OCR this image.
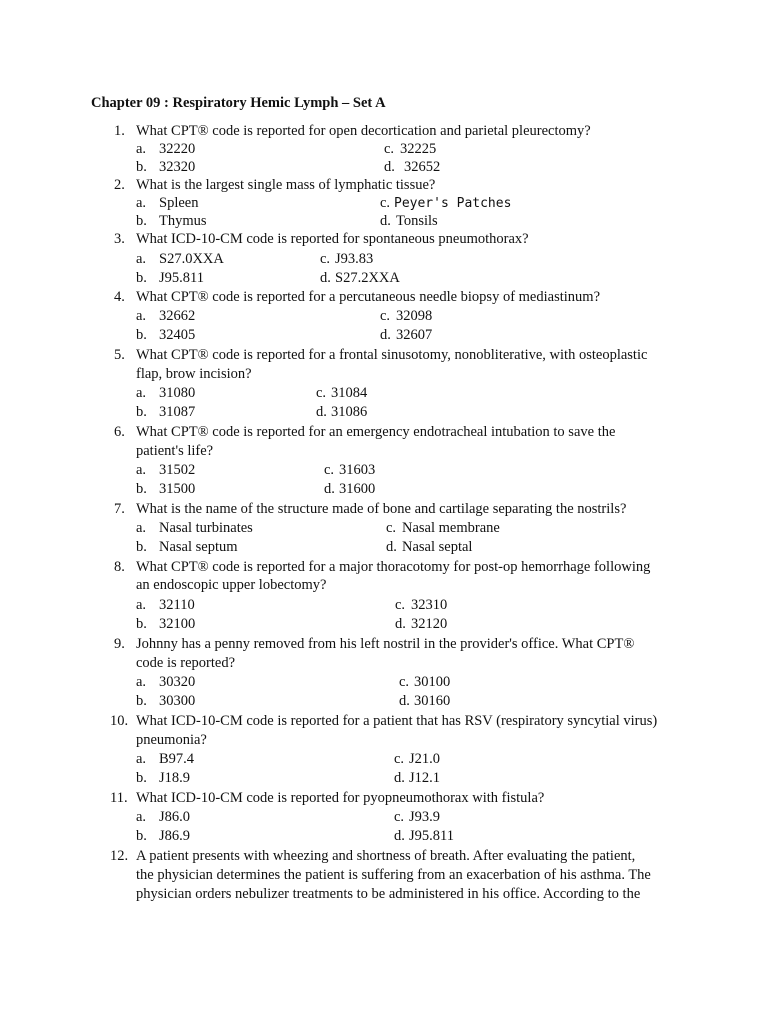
Chapter 09 : Respiratory Hemic Lymph – Set A
1. What CPT® code is reported for open decortication and parietal pleurectomy?
a. 32220	c. 32225
b. 32320	d. 32652
2. What is the largest single mass of lymphatic tissue?
a. Spleen	c. Peyer's Patches
b. Thymus	d. Tonsils
3. What ICD-10-CM code is reported for spontaneous pneumothorax?
a. S27.0XXA	c. J93.83
b. J95.811	d. S27.2XXA
4. What CPT® code is reported for a percutaneous needle biopsy of mediastinum?
a. 32662	c. 32098
b. 32405	d. 32607
5. What CPT® code is reported for a frontal sinusotomy, nonobliterative, with osteoplastic
flap, brow incision?
a. 31080	c. 31084
b. 31087	d. 31086
6. What CPT® code is reported for an emergency endotracheal intubation to save the
patient's life?
a. 31502	c. 31603
b. 31500	d. 31600
7. What is the name of the structure made of bone and cartilage separating the nostrils?
a. Nasal turbinates	c. Nasal membrane
b. Nasal septum	d. Nasal septal
8. What CPT® code is reported for a major thoracotomy for post-op hemorrhage following
an endoscopic upper lobectomy?
a. 32110	c. 32310
b. 32100	d. 32120
9. Johnny has a penny removed from his left nostril in the provider's office. What CPT®
code is reported?
a. 30320	c. 30100
b. 30300	d. 30160
10. What ICD-10-CM code is reported for a patient that has RSV (respiratory syncytial virus)
pneumonia?
a. B97.4	c. J21.0
b. J18.9	d. J12.1
11. What ICD-10-CM code is reported for pyopneumothorax with fistula?
a. J86.0	c. J93.9
b. J86.9	d. J95.811
12. A patient presents with wheezing and shortness of breath. After evaluating the patient,
the physician determines the patient is suffering from an exacerbation of his asthma. The
physician orders nebulizer treatments to be administered in his office. According to the
